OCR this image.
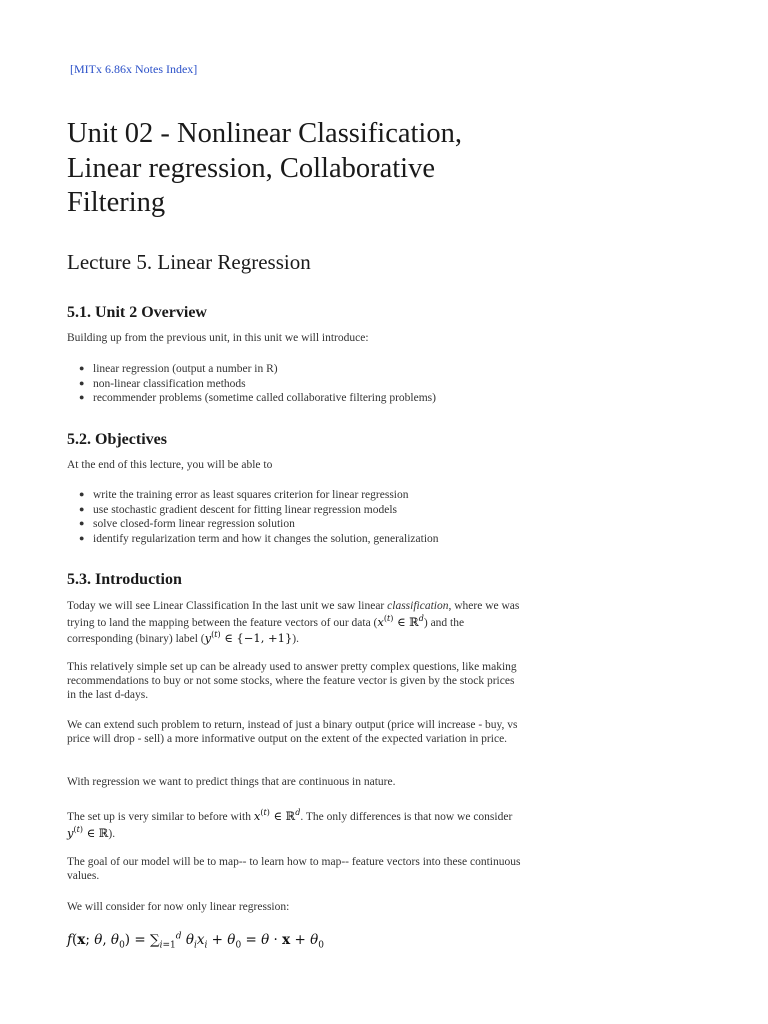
[MITx 6.86x Notes Index]
Unit 02 - Nonlinear Classification, Linear regression, Collaborative Filtering
Lecture 5. Linear Regression
5.1. Unit 2 Overview

Building up from the previous unit, in this unit we will introduce:

● linear regression (output a number in R)
● non-linear classification methods
● recommender problems (sometime called collaborative filtering problems)
5.2. Objectives

At the end of this lecture, you will be able to

● write the training error as least squares criterion for linear regression
● use stochastic gradient descent for fitting linear regression models
● solve closed-form linear regression solution
● identify regularization term and how it changes the solution, generalization
5.3. Introduction

Today we will see Linear Classification In the last unit we saw linear classification, where we was trying to land the mapping between the feature vectors of our data ($x^{(t)}$ ∈ ℝ$^d$) and the corresponding (binary) label ($y^{(t)}$ ∈ {−1, +1}).

This relatively simple set up can be already used to answer pretty complex questions, like making recommendations to buy or not some stocks, where the feature vector is given by the stock prices in the last d-days.

We can extend such problem to return, instead of just a binary output (price will increase - buy, vs price will drop - sell) a more informative output on the extent of the expected variation in price.

With regression we want to predict things that are continuous in nature.

The set up is very similar to before with $x^{(t)}$ ∈ ℝ$^d$. The only differences is that now we consider $y^{(t)}$ ∈ ℝ).

The goal of our model will be to map-- to learn how to map-- feature vectors into these continuous values.

We will consider for now only linear regression:

f(x; θ, $\theta_0) = \sum_{i=1}^d$ $\theta_ix_i + \theta_0 = \theta \cdot x + \theta_0$
